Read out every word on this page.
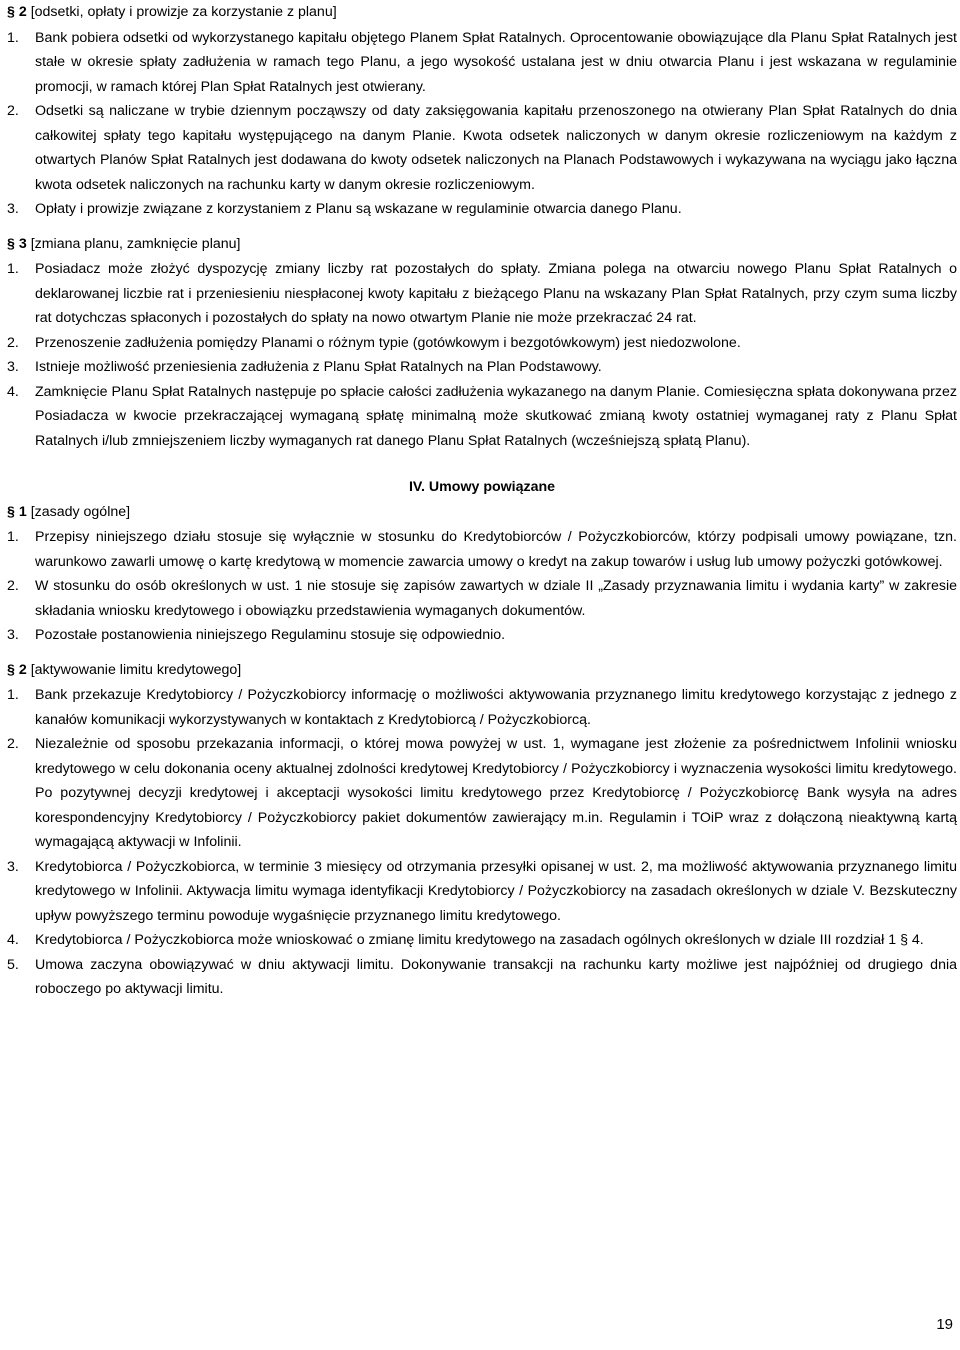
§ 2 [odsetki, opłaty i prowizje za korzystanie z planu]
1.	Bank pobiera odsetki od wykorzystanego kapitału objętego Planem Spłat Ratalnych. Oprocentowanie obowiązujące dla Planu Spłat Ratalnych jest stałe w okresie spłaty zadłużenia w ramach tego Planu, a jego wysokość ustalana jest w dniu otwarcia Planu i jest wskazana w regulaminie promocji, w ramach której Plan Spłat Ratalnych jest otwierany.
2.	Odsetki są naliczane w trybie dziennym począwszy od daty zaksięgowania kapitału przenoszonego na otwierany Plan Spłat Ratalnych do dnia całkowitej spłaty tego kapitału występującego na danym Planie. Kwota odsetek naliczonych w danym okresie rozliczeniowym na każdym z otwartych Planów Spłat Ratalnych jest dodawana do kwoty odsetek naliczonych na Planach Podstawowych i wykazywana na wyciągu jako łączna kwota odsetek naliczonych na rachunku karty w danym okresie rozliczeniowym.
3.	Opłaty i prowizje związane z korzystaniem z Planu są wskazane w regulaminie otwarcia danego Planu.
§ 3 [zmiana planu, zamknięcie planu]
1.	Posiadacz może złożyć dyspozycję zmiany liczby rat pozostałych do spłaty. Zmiana polega na otwarciu nowego Planu Spłat Ratalnych o deklarowanej liczbie rat i przeniesieniu niespłaconej kwoty kapitału z bieżącego Planu na wskazany Plan Spłat Ratalnych, przy czym suma liczby rat dotychczas spłaconych i pozostałych do spłaty na nowo otwartym Planie nie może przekraczać 24 rat.
2.	Przenoszenie zadłużenia pomiędzy Planami o różnym typie (gotówkowym i bezgotówkowym) jest niedozwolone.
3.	Istnieje możliwość przeniesienia zadłużenia z Planu Spłat Ratalnych na Plan Podstawowy.
4.	Zamknięcie Planu Spłat Ratalnych następuje po spłacie całości zadłużenia wykazanego na danym Planie. Comiesięczna spłata dokonywana przez Posiadacza w kwocie przekraczającej wymaganą spłatę minimalną może skutkować zmianą kwoty ostatniej wymaganej raty z Planu Spłat Ratalnych i/lub zmniejszeniem liczby wymaganych rat danego Planu Spłat Ratalnych (wcześniejszą spłatą Planu).
IV. Umowy powiązane
§ 1 [zasady ogólne]
1.	Przepisy niniejszego działu stosuje się wyłącznie w stosunku do Kredytobiorców / Pożyczkobiorców, którzy podpisali umowy powiązane, tzn. warunkowo zawarli umowę o kartę kredytową w momencie zawarcia umowy o kredyt na zakup towarów i usług lub umowy pożyczki gotówkowej.
2.	W stosunku do osób określonych w ust. 1 nie stosuje się zapisów zawartych w dziale II „Zasady przyznawania limitu i wydania karty” w zakresie składania wniosku kredytowego i obowiązku przedstawienia wymaganych dokumentów.
3.	Pozostałe postanowienia niniejszego Regulaminu stosuje się odpowiednio.
§ 2 [aktywowanie limitu kredytowego]
1.	Bank przekazuje Kredytobiorcy / Pożyczkobiorcy informację o możliwości aktywowania przyznanego limitu kredytowego korzystając z jednego z kanałów komunikacji wykorzystywanych w kontaktach z Kredytobiorcą / Pożyczkobiorcą.
2.	Niezależnie od sposobu przekazania informacji, o której mowa powyżej w ust. 1, wymagane jest złożenie za pośrednictwem Infolinii wniosku kredytowego w celu dokonania oceny aktualnej zdolności kredytowej Kredytobiorcy / Pożyczkobiorcy i wyznaczenia wysokości limitu kredytowego. Po pozytywnej decyzji kredytowej i akceptacji wysokości limitu kredytowego przez Kredytobiorcę / Pożyczkobiorcę Bank wysyła na adres korespondencyjny Kredytobiorcy / Pożyczkobiorcy pakiet dokumentów zawierający m.in. Regulamin i TOiP wraz z dołączoną nieaktywną kartą wymagającą aktywacji w Infolinii.
3.	Kredytobiorca / Pożyczkobiorca, w terminie 3 miesięcy od otrzymania przesyłki opisanej w ust. 2, ma możliwość aktywowania przyznanego limitu kredytowego w Infolinii. Aktywacja limitu wymaga identyfikacji Kredytobiorcy / Pożyczkobiorcy na zasadach określonych w dziale V. Bezskuteczny upływ powyższego terminu powoduje wygaśnięcie przyznanego limitu kredytowego.
4.	Kredytobiorca / Pożyczkobiorca może wnioskować o zmianę limitu kredytowego na zasadach ogólnych określonych w dziale III rozdział 1 § 4.
5.	Umowa zaczyna obowiązywać w dniu aktywacji limitu. Dokonywanie transakcji na rachunku karty możliwe jest najpóźniej od drugiego dnia roboczego po aktywacji limitu.
19
